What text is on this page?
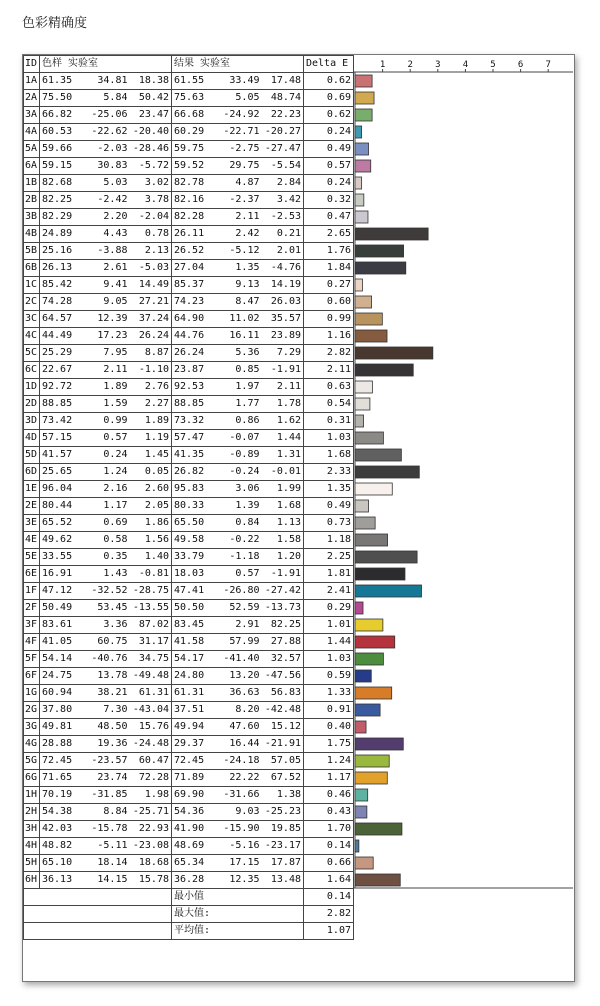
色彩精确度
ID	色样 实验室			结果 实验室			Delta E
1A	61.35	34.81	18.38	61.55	33.49	17.48	0.62
2A	75.50	5.84	50.42	75.63	5.05	48.74	0.69
3A	66.82	-25.06	23.47	66.68	-24.92	22.23	0.62
4A	60.53	-22.62	-20.40	60.29	-22.71	-20.27	0.24
5A	59.66	-2.03	-28.46	59.75	-2.75	-27.47	0.49
6A	59.15	30.83	-5.72	59.52	29.75	-5.54	0.57
1B	82.68	5.03	3.02	82.78	4.87	2.84	0.24
2B	82.25	-2.42	3.78	82.16	-2.37	3.42	0.32
3B	82.29	2.20	-2.04	82.28	2.11	-2.53	0.47
4B	24.89	4.43	0.78	26.11	2.42	0.21	2.65
5B	25.16	-3.88	2.13	26.52	-5.12	2.01	1.76
6B	26.13	2.61	-5.03	27.04	1.35	-4.76	1.84
1C	85.42	9.41	14.49	85.37	9.13	14.19	0.27
2C	74.28	9.05	27.21	74.23	8.47	26.03	0.60
3C	64.57	12.39	37.24	64.90	11.02	35.57	0.99
4C	44.49	17.23	26.24	44.76	16.11	23.89	1.16
5C	25.29	7.95	8.87	26.24	5.36	7.29	2.82
6C	22.67	2.11	-1.10	23.87	0.85	-1.91	2.11
1D	92.72	1.89	2.76	92.53	1.97	2.11	0.63
2D	88.85	1.59	2.27	88.85	1.77	1.78	0.54
3D	73.42	0.99	1.89	73.32	0.86	1.62	0.31
4D	57.15	0.57	1.19	57.47	-0.07	1.44	1.03
5D	41.57	0.24	1.45	41.35	-0.89	1.31	1.68
6D	25.65	1.24	0.05	26.82	-0.24	-0.01	2.33
1E	96.04	2.16	2.60	95.83	3.06	1.99	1.35
2E	80.44	1.17	2.05	80.33	1.39	1.68	0.49
3E	65.52	0.69	1.86	65.50	0.84	1.13	0.73
4E	49.62	0.58	1.56	49.58	-0.22	1.58	1.18
5E	33.55	0.35	1.40	33.79	-1.18	1.20	2.25
6E	16.91	1.43	-0.81	18.03	0.57	-1.91	1.81
1F	47.12	-32.52	-28.75	47.41	-26.80	-27.42	2.41
2F	50.49	53.45	-13.55	50.50	52.59	-13.73	0.29
3F	83.61	3.36	87.02	83.45	2.91	82.25	1.01
4F	41.05	60.75	31.17	41.58	57.99	27.88	1.44
5F	54.14	-40.76	34.75	54.17	-41.40	32.57	1.03
6F	24.75	13.78	-49.48	24.80	13.20	-47.56	0.59
1G	60.94	38.21	61.31	61.31	36.63	56.83	1.33
2G	37.80	7.30	-43.04	37.51	8.20	-42.48	0.91
3G	49.81	48.50	15.76	49.94	47.60	15.12	0.40
4G	28.88	19.36	-24.48	29.37	16.44	-21.91	1.75
5G	72.45	-23.57	60.47	72.45	-24.18	57.05	1.24
6G	71.65	23.74	72.28	71.89	22.22	67.52	1.17
1H	70.19	-31.85	1.98	69.90	-31.66	1.38	0.46
2H	54.38	8.84	-25.71	54.36	9.03	-25.23	0.43
3H	42.03	-15.78	22.93	41.90	-15.90	19.85	1.70
4H	48.82	-5.11	-23.08	48.69	-5.16	-23.17	0.14
5H	65.10	18.14	18.68	65.34	17.15	17.87	0.66
6H	36.13	14.15	15.78	36.28	12.35	13.48	1.64
				最小值			0.14
				最大值:			2.82
				平均值:			1.07
1 2 3 4 5 6 7
